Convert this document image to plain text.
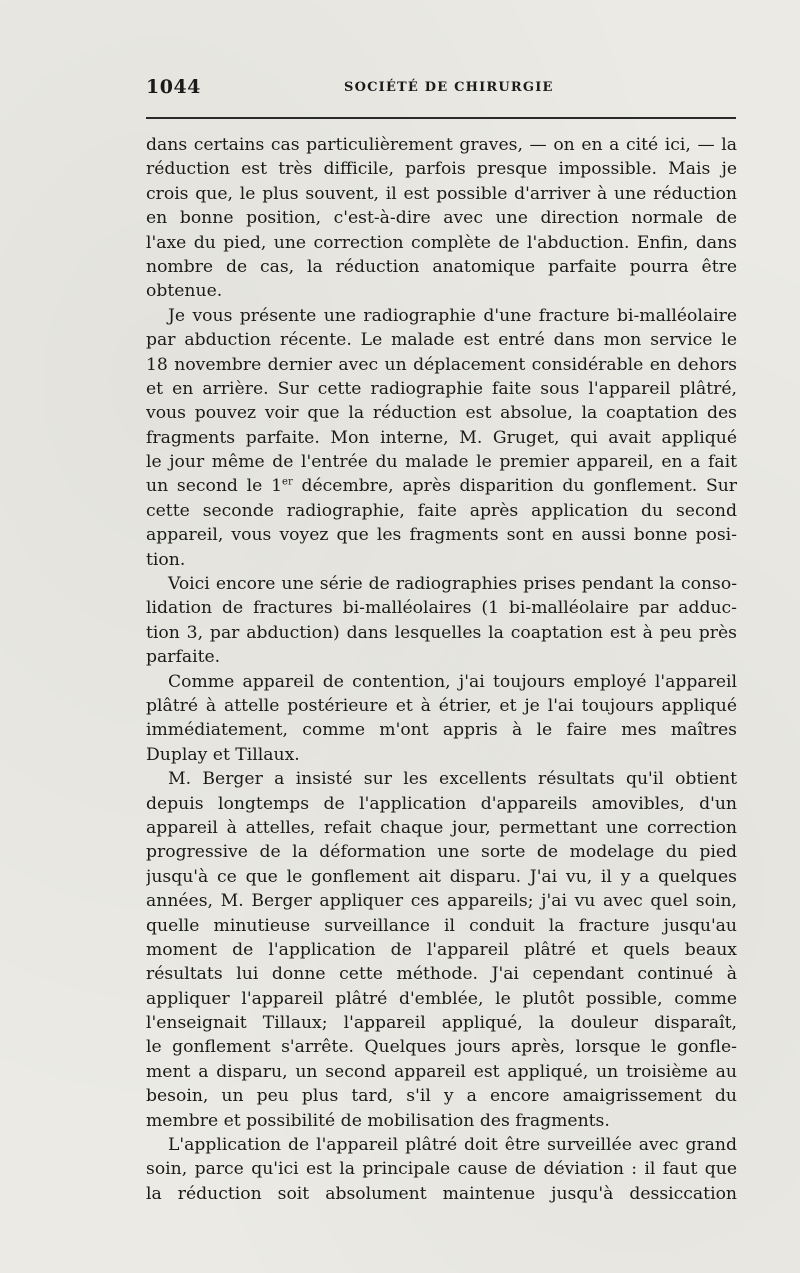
1044	SOCIÉTÉ DE CHIRURGIE
dans certains cas particulièrement graves, — on en a cité ici, — la
réduction est très difficile, parfois presque impossible. Mais je
crois que, le plus souvent, il est possible d'arriver à une réduction
en bonne position, c'est-à-dire avec une direction normale de
l'axe du pied, une correction complète de l'abduction. Enfin, dans
nombre de cas, la réduction anatomique parfaite pourra être
obtenue.
Je vous présente une radiographie d'une fracture bi-malléolaire
par abduction récente. Le malade est entré dans mon service le
18 novembre dernier avec un déplacement considérable en dehors
et en arrière. Sur cette radiographie faite sous l'appareil plâtré,
vous pouvez voir que la réduction est absolue, la coaptation des
fragments parfaite. Mon interne, M. Gruget, qui avait appliqué
le jour même de l'entrée du malade le premier appareil, en a fait
un second le 1er décembre, après disparition du gonflement. Sur
cette seconde radiographie, faite après application du second
appareil, vous voyez que les fragments sont en aussi bonne posi-
tion.
Voici encore une série de radiographies prises pendant la conso-
lidation de fractures bi-malléolaires (1 bi-malléolaire par adduc-
tion 3, par abduction) dans lesquelles la coaptation est à peu près
parfaite.
Comme appareil de contention, j'ai toujours employé l'appareil
plâtré à attelle postérieure et à étrier, et je l'ai toujours appliqué
immédiatement, comme m'ont appris à le faire mes maîtres
Duplay et Tillaux.
M. Berger a insisté sur les excellents résultats qu'il obtient
depuis longtemps de l'application d'appareils amovibles, d'un
appareil à attelles, refait chaque jour, permettant une correction
progressive de la déformation une sorte de modelage du pied
jusqu'à ce que le gonflement ait disparu. J'ai vu, il y a quelques
années, M. Berger appliquer ces appareils; j'ai vu avec quel soin,
quelle minutieuse surveillance il conduit la fracture jusqu'au
moment de l'application de l'appareil plâtré et quels beaux
résultats lui donne cette méthode. J'ai cependant continué à
appliquer l'appareil plâtré d'emblée, le plutôt possible, comme
l'enseignait Tillaux; l'appareil appliqué, la douleur disparaît,
le gonflement s'arrête. Quelques jours après, lorsque le gonfle-
ment a disparu, un second appareil est appliqué, un troisième au
besoin, un peu plus tard, s'il y a encore amaigrissement du
membre et possibilité de mobilisation des fragments.
L'application de l'appareil plâtré doit être surveillée avec grand
soin, parce qu'ici est la principale cause de déviation : il faut que
la réduction soit absolument maintenue jusqu'à dessiccation
